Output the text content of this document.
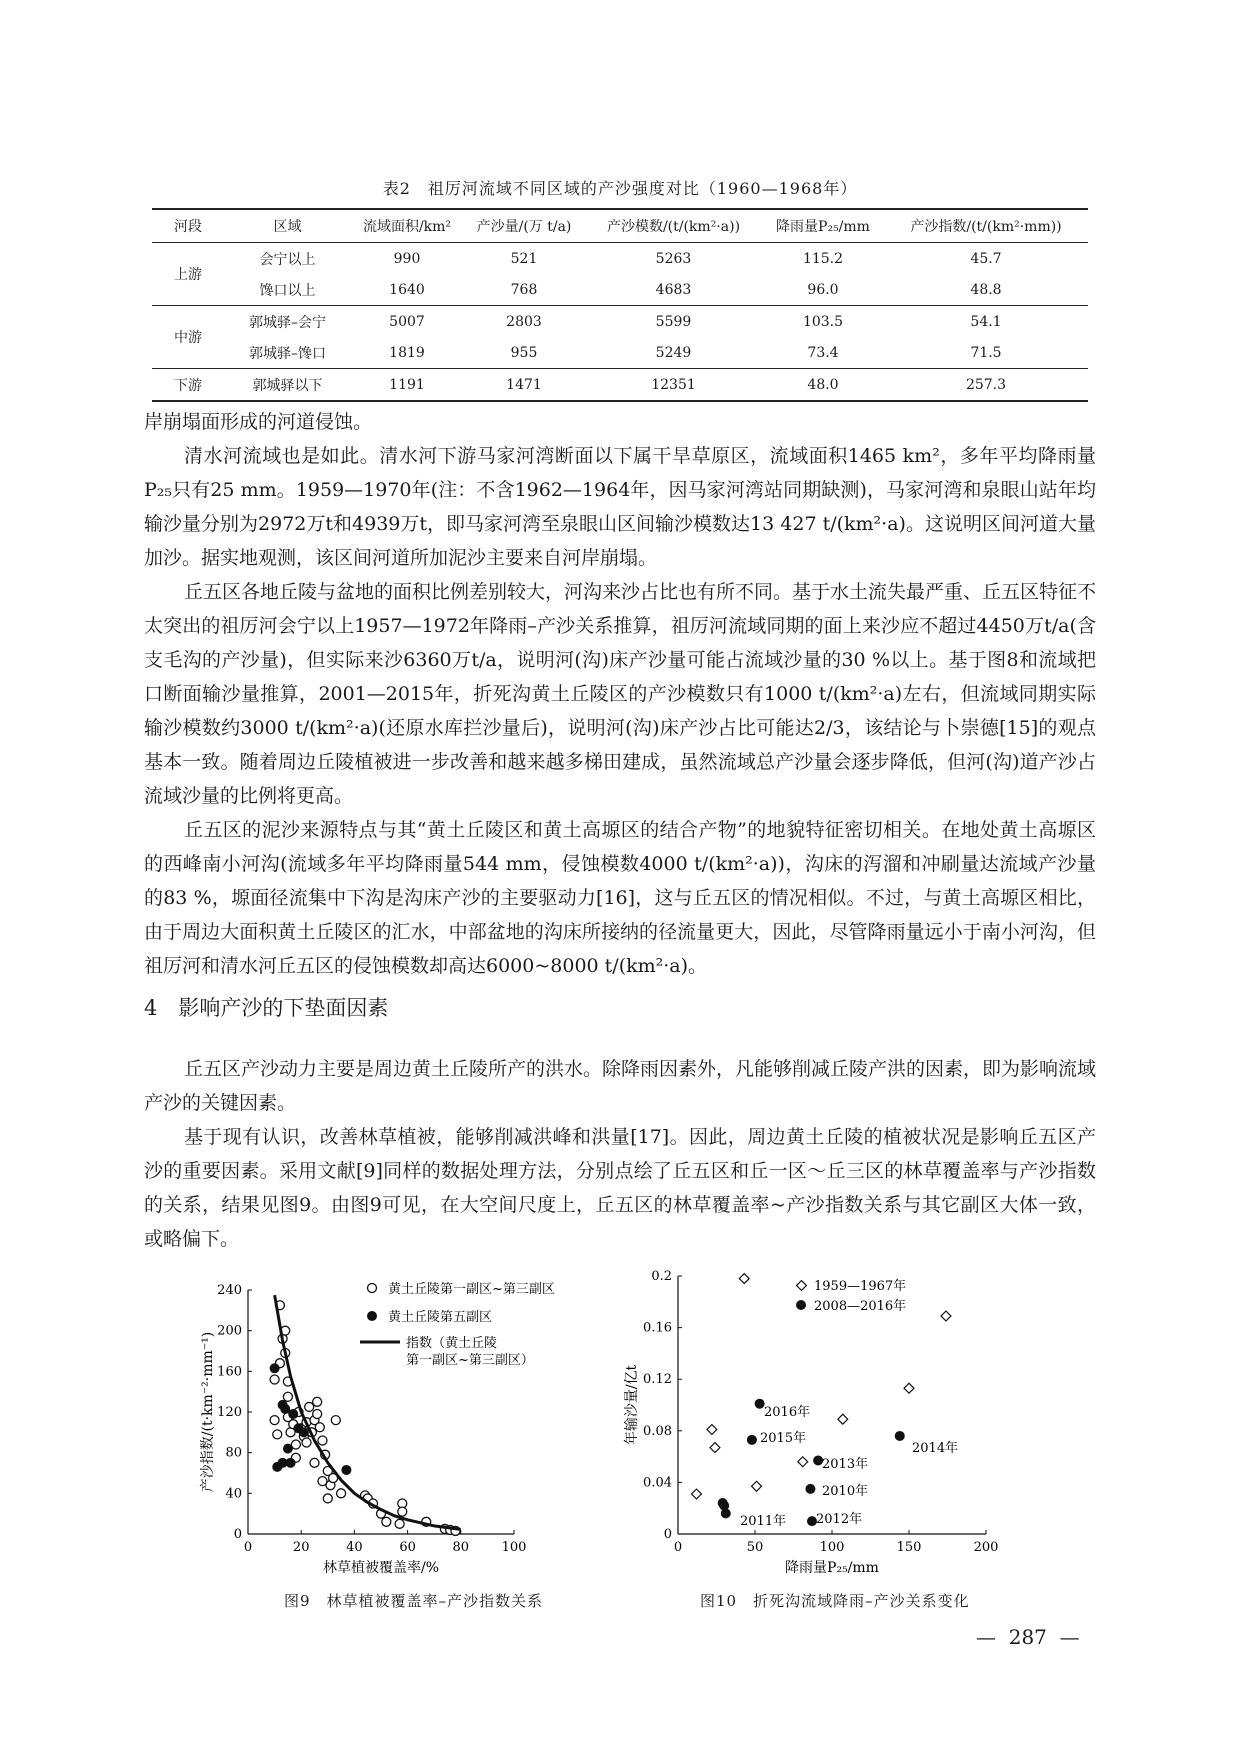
表2　祖厉河流域不同区域的产沙强度对比（1960—1968年）
河段	区域	流域面积/km²	产沙量/(万 t/a)	产沙模数/(t/(km²·a))	降雨量P₂₅/mm	产沙指数/(t/(km²·mm))
上游	会宁以上	990	521	5263	115.2	45.7
	馋口以上	1640	768	4683	96.0	48.8
中游	郭城驿–会宁	5007	2803	5599	103.5	54.1
	郭城驿–馋口	1819	955	5249	73.4	71.5
下游	郭城驿以下	1191	1471	12351	48.0	257.3

岸崩塌面形成的河道侵蚀。

清水河流域也是如此。清水河下游马家河湾断面以下属干旱草原区，流域面积1465 km²，多年平均降雨量P₂₅只有25 mm。1959—1970年(注：不含1962—1964年，因马家河湾站同期缺测)，马家河湾和泉眼山站年均输沙量分别为2972万t和4939万t，即马家河湾至泉眼山区间输沙模数达13 427 t/(km²·a)。这说明区间河道大量加沙。据实地观测，该区间河道所加泥沙主要来自河岸崩塌。

丘五区各地丘陵与盆地的面积比例差别较大，河沟来沙占比也有所不同。基于水土流失最严重、丘五区特征不太突出的祖厉河会宁以上1957—1972年降雨–产沙关系推算，祖厉河流域同期的面上来沙应不超过4450万t/a(含支毛沟的产沙量)，但实际来沙6360万t/a，说明河(沟)床产沙量可能占流域沙量的30 %以上。基于图8和流域把口断面输沙量推算，2001—2015年，折死沟黄土丘陵区的产沙模数只有1000 t/(km²·a)左右，但流域同期实际输沙模数约3000 t/(km²·a)(还原水库拦沙量后)，说明河(沟)床产沙占比可能达2/3，该结论与卜崇德[15]的观点基本一致。随着周边丘陵植被进一步改善和越来越多梯田建成，虽然流域总产沙量会逐步降低，但河(沟)道产沙占流域沙量的比例将更高。

丘五区的泥沙来源特点与其“黄土丘陵区和黄土高塬区的结合产物”的地貌特征密切相关。在地处黄土高塬区的西峰南小河沟(流域多年平均降雨量544 mm，侵蚀模数4000 t/(km²·a))，沟床的泻溜和冲刷量达流域产沙量的83 %，塬面径流集中下沟是沟床产沙的主要驱动力[16]，这与丘五区的情况相似。不过，与黄土高塬区相比，由于周边大面积黄土丘陵区的汇水，中部盆地的沟床所接纳的径流量更大，因此，尽管降雨量远小于南小河沟，但祖厉河和清水河丘五区的侵蚀模数却高达6000~8000 t/(km²·a)。

4　影响产沙的下垫面因素

丘五区产沙动力主要是周边黄土丘陵所产的洪水。除降雨因素外，凡能够削减丘陵产洪的因素，即为影响流域产沙的关键因素。

基于现有认识，改善林草植被，能够削减洪峰和洪量[17]。因此，周边黄土丘陵的植被状况是影响丘五区产沙的重要因素。采用文献[9]同样的数据处理方法，分别点绘了丘五区和丘一区～丘三区的林草覆盖率与产沙指数的关系，结果见图9。由图9可见，在大空间尺度上，丘五区的林草覆盖率~产沙指数关系与其它副区大体一致，或略偏下。

0	20	40	60	80	100
0
40
80
120
160
200
240
林草植被覆盖率/%
产沙指数/(t·km⁻²·mm⁻¹)
黄土丘陵第一副区~第三副区
黄土丘陵第五副区
指数（黄土丘陵
第一副区~第三副区）
图9　林草植被覆盖率–产沙指数关系
0	50	100	150	200
0
0.04
0.08
0.12
0.16
0.2
降雨量P₂₅/mm
年输沙量/亿t
1959—1967年
2008—2016年
2016年
2015年
2013年
2014年
2010年
2011年 2012年
图10　折死沟流域降雨–产沙关系变化
—  287  —
